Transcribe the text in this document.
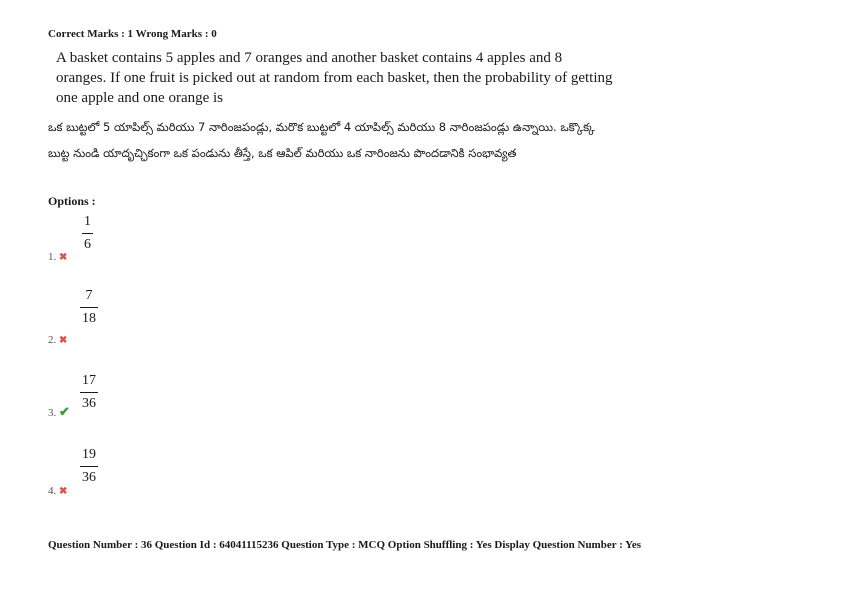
Correct Marks : 1 Wrong Marks : 0
A basket contains 5 apples and 7 oranges and another basket contains 4 apples and 8 oranges. If one fruit is picked out at random from each basket, then the probability of getting one apple and one orange is
ఒక బుట్టలో 5 యాపిల్స్ మరియు 7 నారింజపండ్లు, మరొక బుట్టలో 4 యాపిల్స్ మరియు 8 నారింజపండ్లు ఉన్నాయి. ఒక్కొక్క బుట్ట నుండి యాదృచ్ఛికంగా ఒక పండును తీస్తే, ఒక ఆపిల్ మరియు ఒక నారింజను పొందడానికి సంభావ్యత
Options :
1
6
1. ✖
7
18
2. ✖
17
36
3. ✔
19
36
4. ✖
Question Number : 36 Question Id : 64041115236 Question Type : MCQ Option Shuffling : Yes Display Question Number : Yes
